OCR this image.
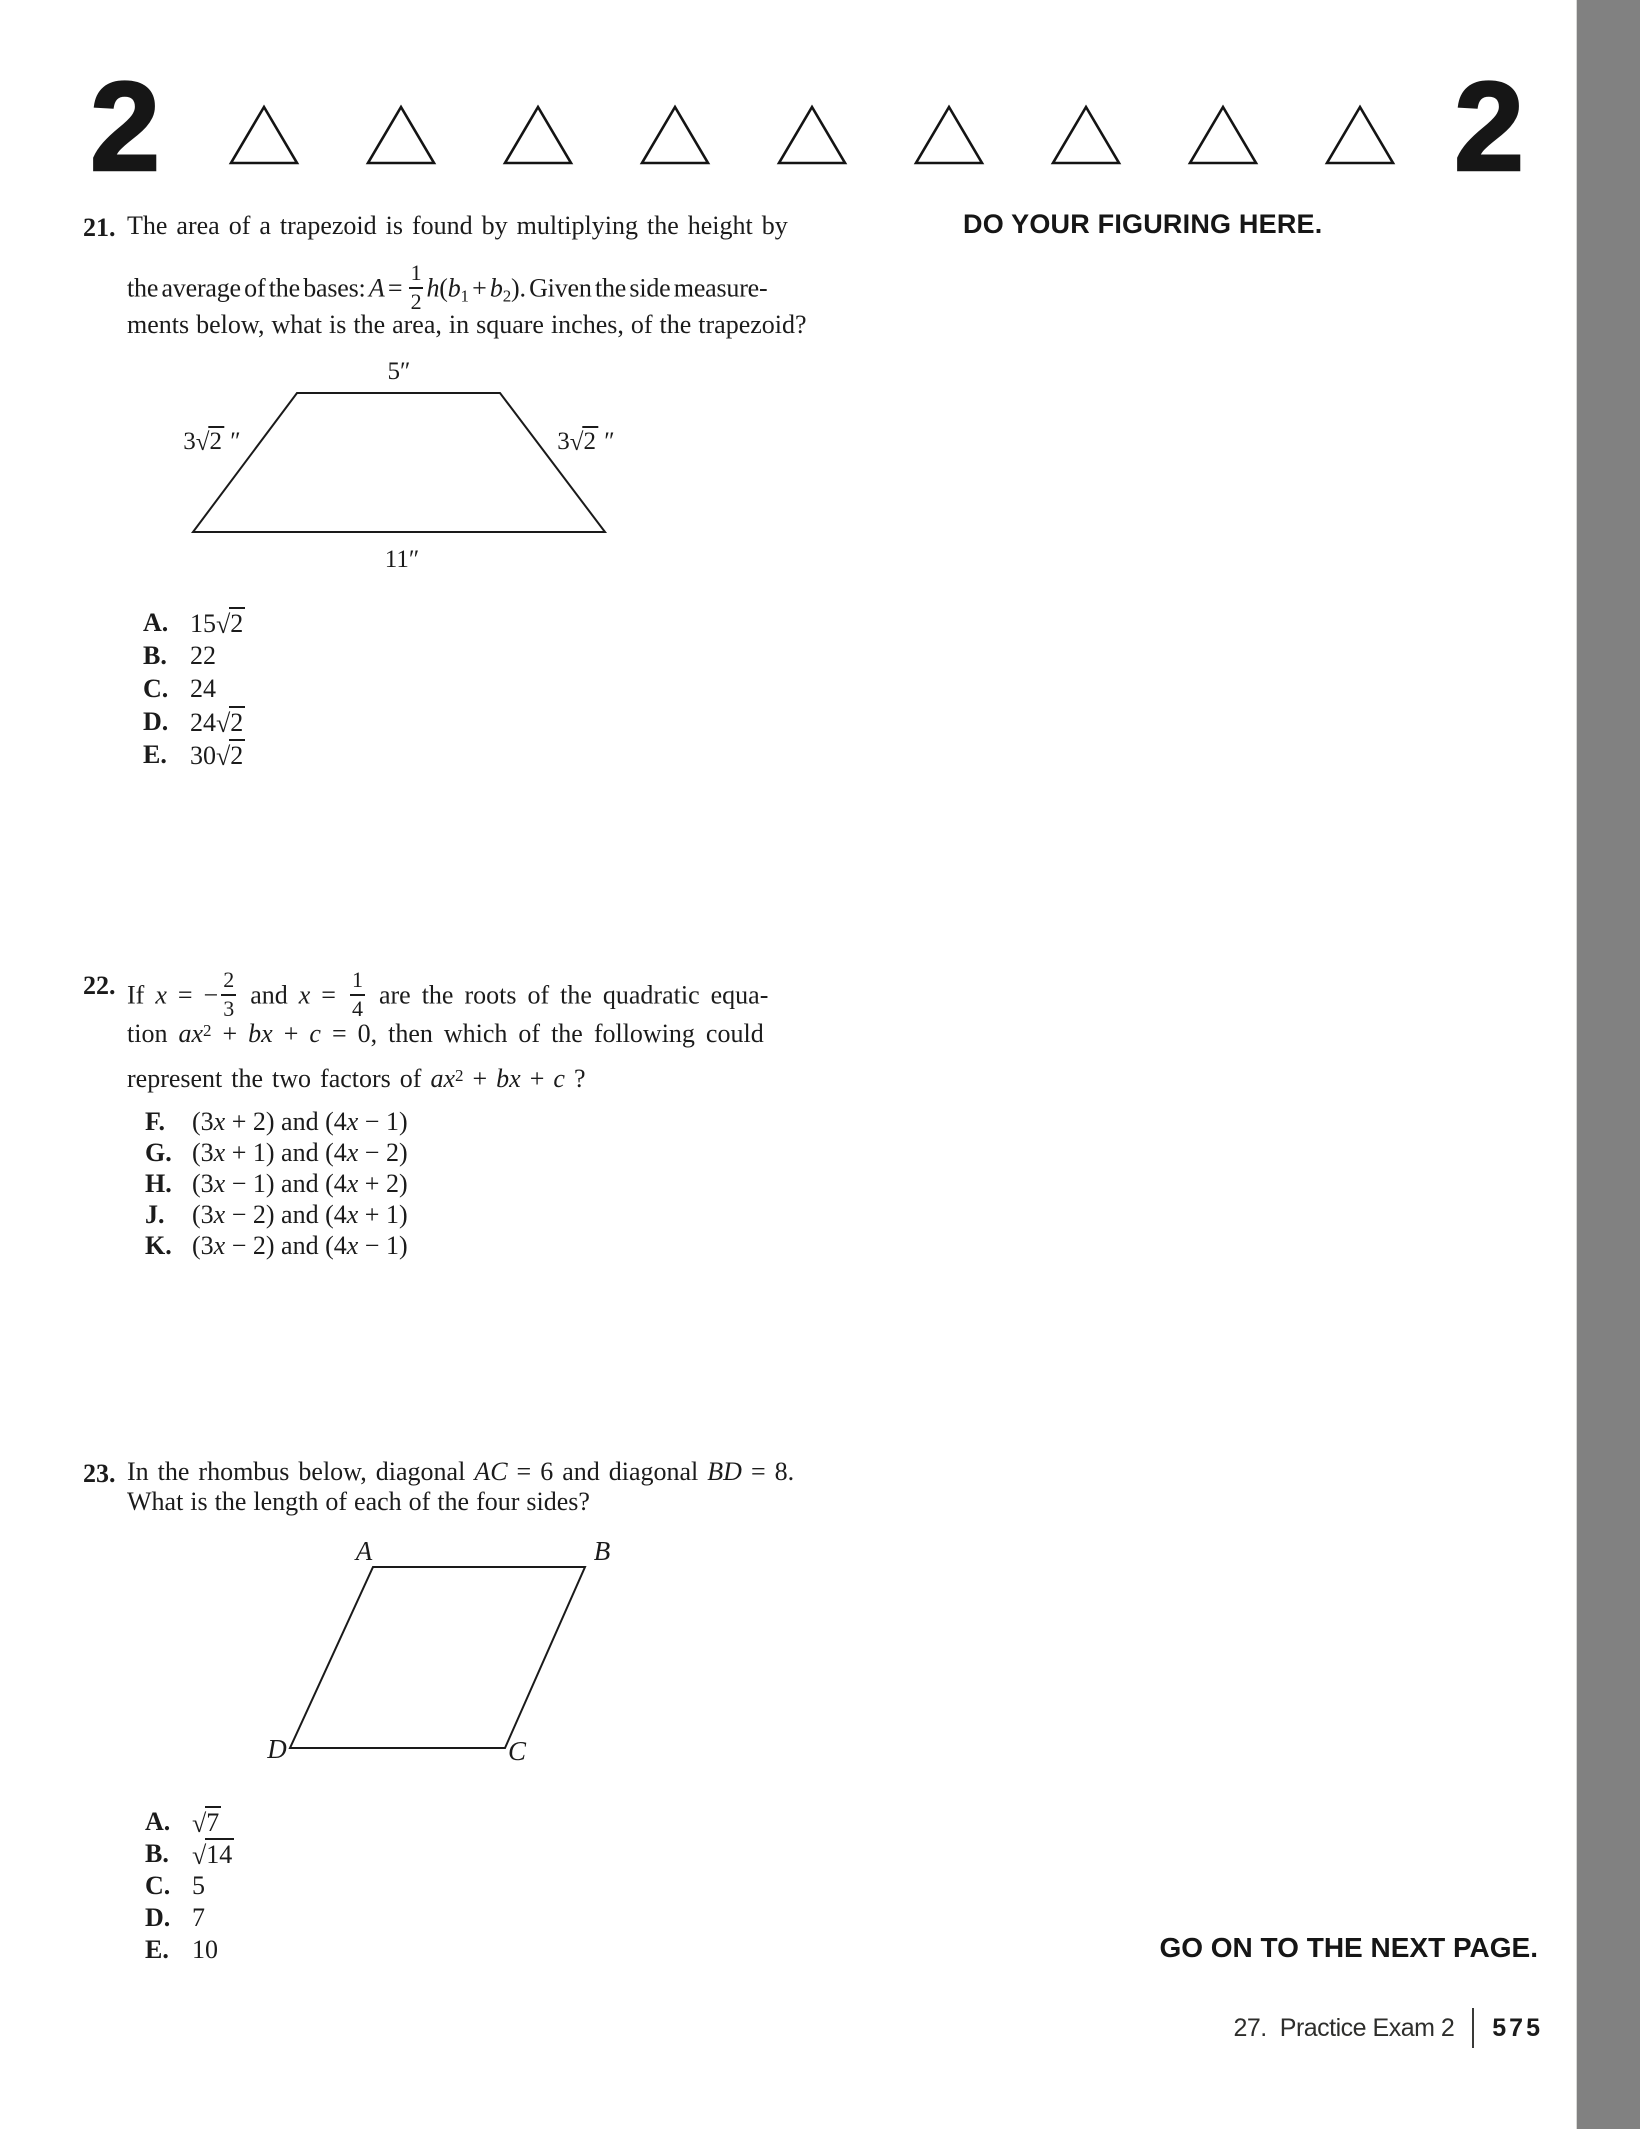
2	2
DO YOUR FIGURING HERE.
21. The area of a trapezoid is found by multiplying the height by
the average of the bases: $A = \frac{1}{2} h(b_1 + b_2)$. Given the side measure-
ments below, what is the area, in square inches, of the trapezoid?
5″
3√2 ″	3√2 ″
11″
A. 15√2
B. 22
C. 24
D. 24√2
E. 30√2
22. If x = − $\frac{2}{3}$ and $x = \frac{1}{4}$ are the roots of the quadratic equa-
tion $ax^2$ + bx + c = 0, then which of the following could
represent the two factors of $ax^2$ + bx + c ?
F.	(3x + 2) and (4x − 1)
G. (3x + 1) and (4x − 2)
H. (3x − 1) and (4x + 2)
J.	(3x − 2) and (4x + 1)
K. (3x − 2) and (4x − 1)
23. In the rhombus below, diagonal AC = 6 and diagonal BD = 8.
What is the length of each of the four sides?
A	B
C
D
A. √7
B. √14
C. 5
D. 7
E. 10	GO ON TO THE NEXT PAGE.
27. Practice Exam 2 575
